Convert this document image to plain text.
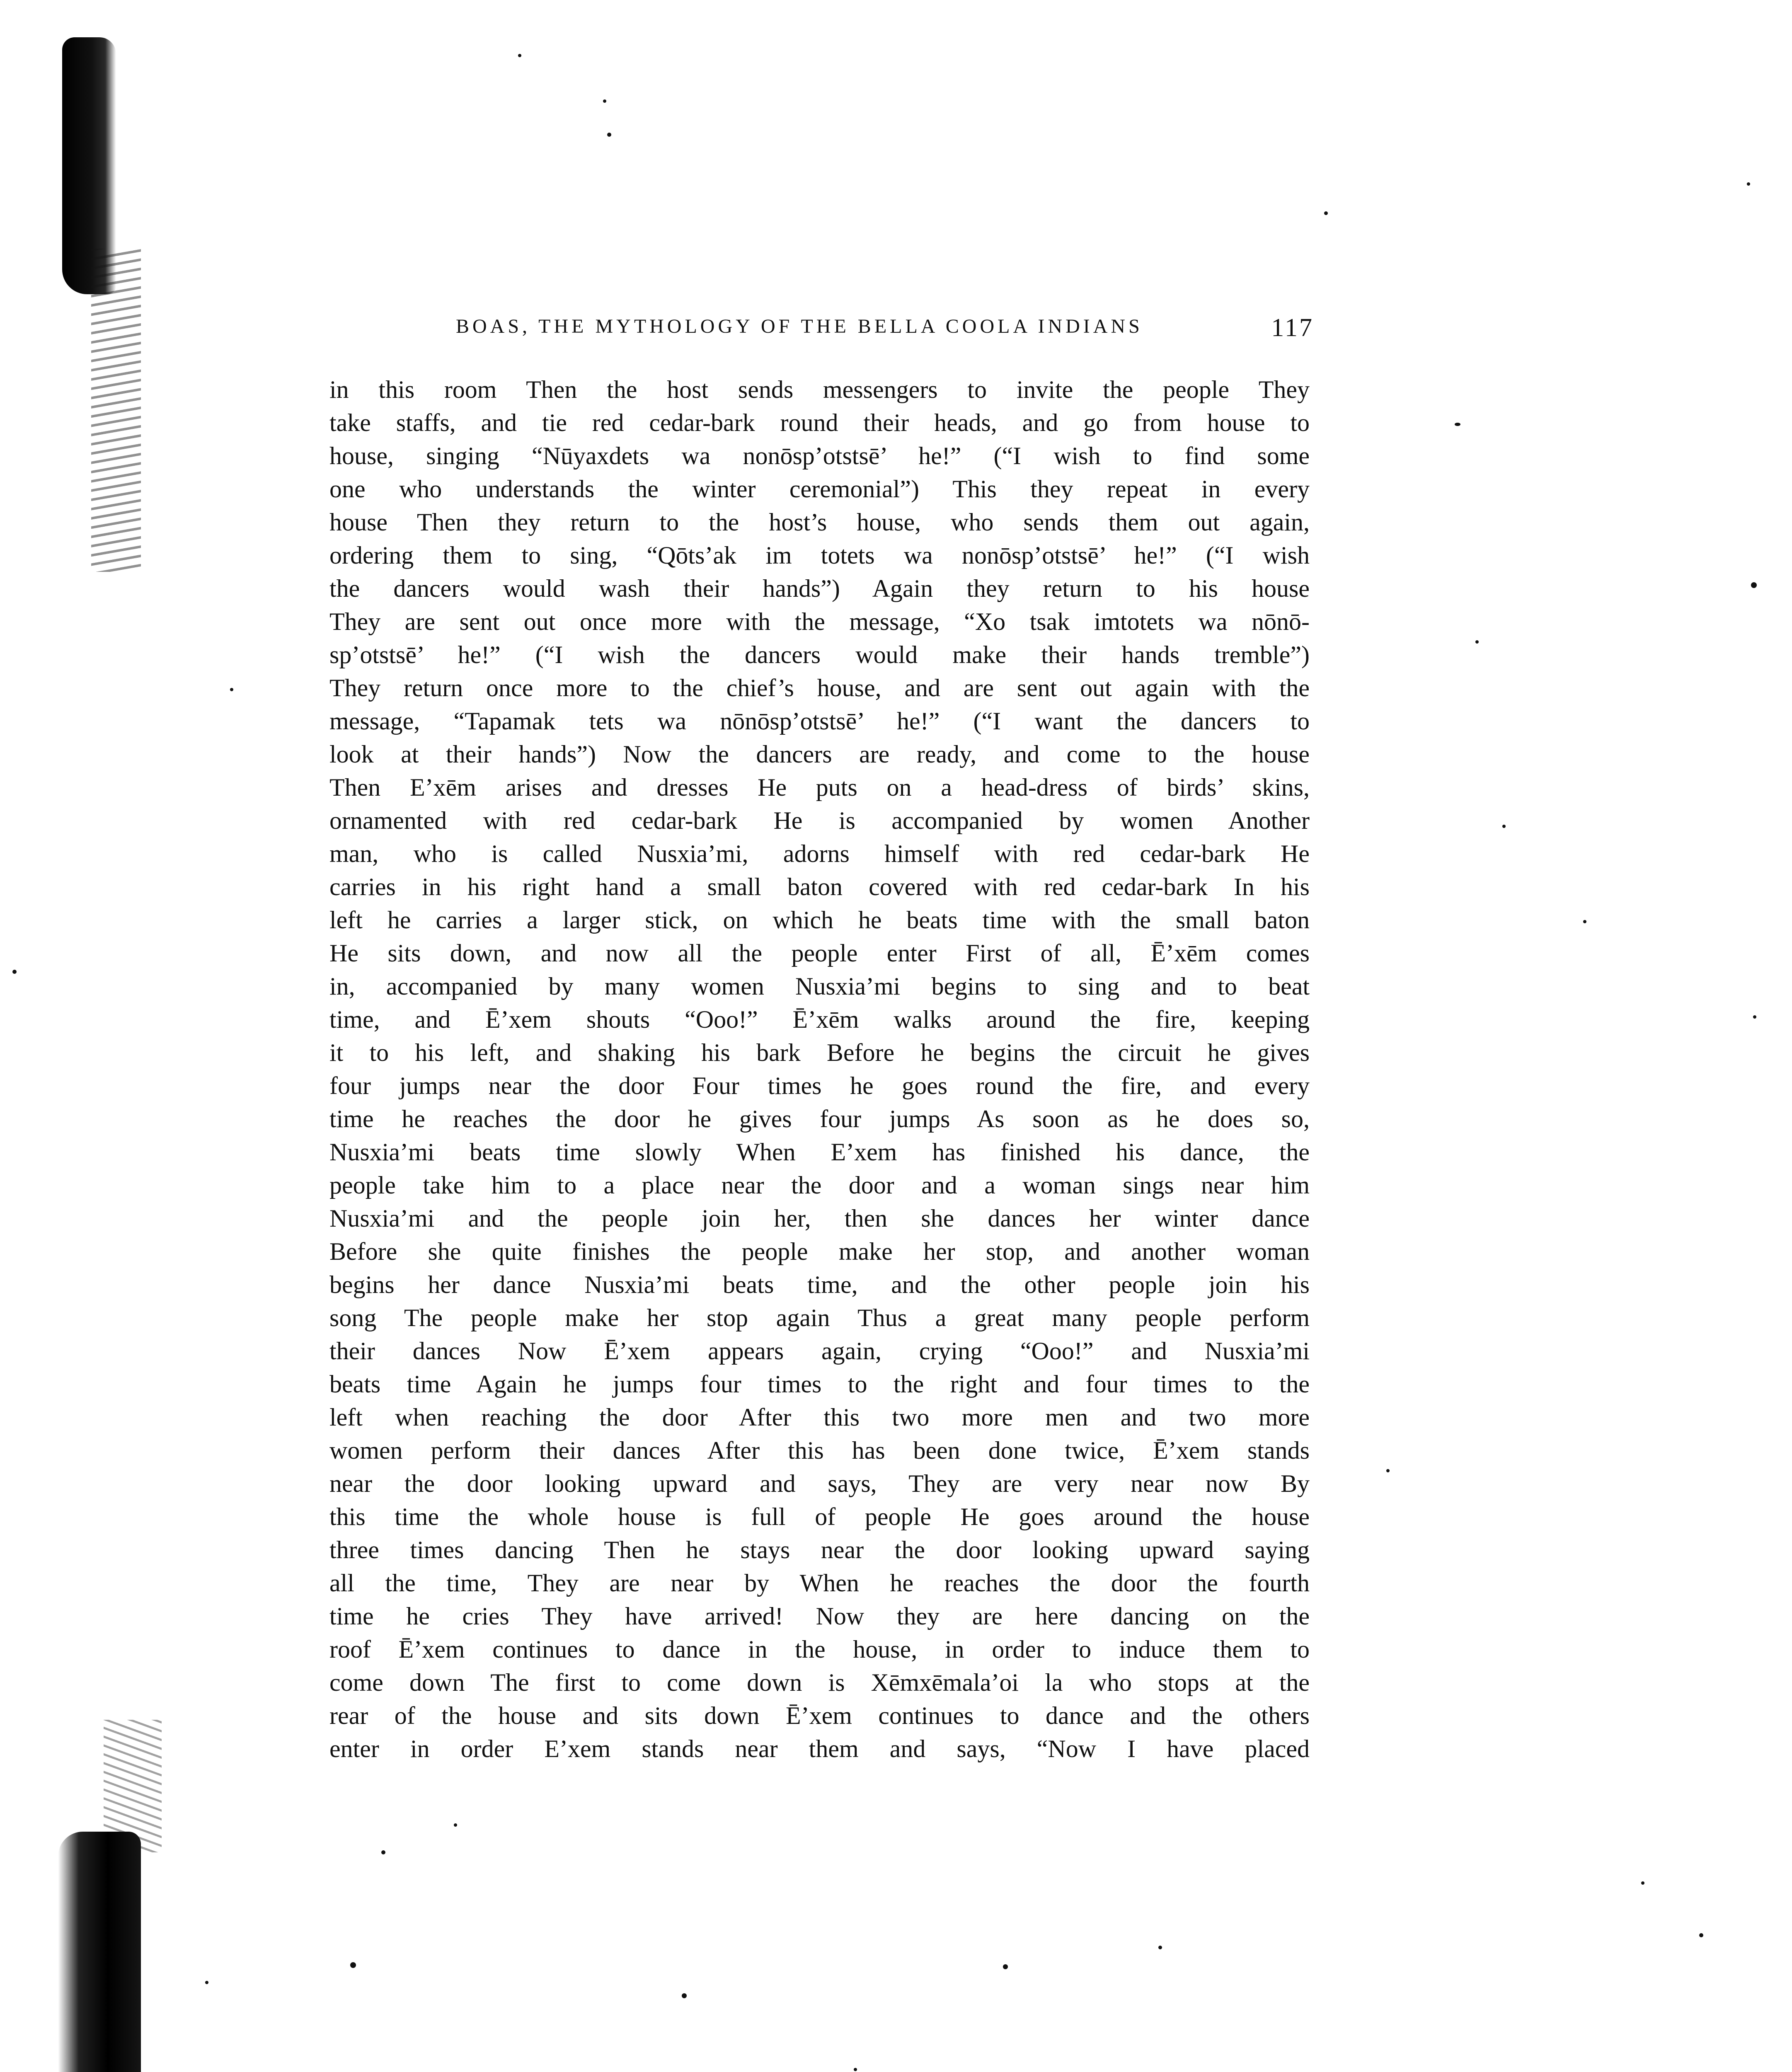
BOAS, THE MYTHOLOGY OF THE BELLA COOLA INDIANS	117
in this room Then the host sends messengers to invite the people They
take staffs, and tie red cedar-bark round their heads, and go from house to
house, singing “Nūyaxdets wa nonōsp’otstsē’ he!” (“I wish to find some
one who understands the winter ceremonial”) This they repeat in every
house Then they return to the host’s house, who sends them out again,
ordering them to sing, “Qōts’ak im totets wa nonōsp’otstsē’ he!” (“I wish
the dancers would wash their hands”) Again they return to his house
They are sent out once more with the message, “Xo tsak imtotets wa nōnō-
sp’otstsē’ he!” (“I wish the dancers would make their hands tremble”)
They return once more to the chief’s house, and are sent out again with the
message, “Tapamak tets wa nōnōsp’otstsē’ he!” (“I want the dancers to
look at their hands”) Now the dancers are ready, and come to the house
Then E’xēm arises and dresses He puts on a head-dress of birds’ skins,
ornamented with red cedar-bark He is accompanied by women Another
man, who is called Nusxia’mi, adorns himself with red cedar-bark He
carries in his right hand a small baton covered with red cedar-bark In his
left he carries a larger stick, on which he beats time with the small baton
He sits down, and now all the people enter First of all, Ē’xēm comes
in, accompanied by many women Nusxia’mi begins to sing and to beat
time, and Ē’xem shouts “Ooo!” Ē’xēm walks around the fire, keeping
it to his left, and shaking his bark Before he begins the circuit he gives
four jumps near the door Four times he goes round the fire, and every
time he reaches the door he gives four jumps As soon as he does so,
Nusxia’mi beats time slowly When E’xem has finished his dance, the
people take him to a place near the door and a woman sings near him
Nusxia’mi and the people join her, then she dances her winter dance
Before she quite finishes the people make her stop, and another woman
begins her dance Nusxia’mi beats time, and the other people join his
song The people make her stop again Thus a great many people perform
their dances Now Ē’xem appears again, crying “Ooo!” and Nusxia’mi
beats time Again he jumps four times to the right and four times to the
left when reaching the door After this two more men and two more
women perform their dances After this has been done twice, Ē’xem stands
near the door looking upward and says, They are very near now By
this time the whole house is full of people He goes around the house
three times dancing Then he stays near the door looking upward saying
all the time, They are near by When he reaches the door the fourth
time he cries They have arrived! Now they are here dancing on the
roof Ē’xem continues to dance in the house, in order to induce them to
come down The first to come down is Xēmxēmala’oi la who stops at the
rear of the house and sits down Ē’xem continues to dance and the others
enter in order E’xem stands near them and says, “Now I have placed
